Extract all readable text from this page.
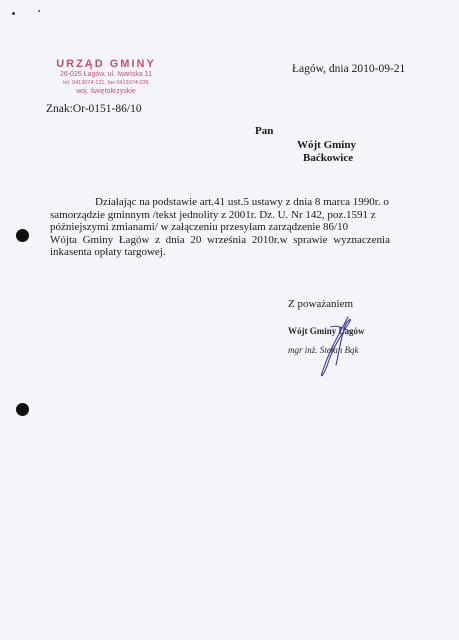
URZĄD GMINY
26-025 Łagów, ul. Iwańska 11
tel. 0413074-121, fax 0413074-236
woj. świętokrzyskie
Łagów, dnia 2010-09-21
Znak:Or-0151-86/10
Pan
Wójt Gminy
Baćkowice

Działając na podstawie art.41 ust.5 ustawy z dnia 8 marca 1990r. o samorządzie gminnym /tekst jednolity z 2001r. Dz. U. Nr 142, poz.1591 z późniejszymi zmianami/ w załączeniu przesyłam zarządzenie 86/10

Wójta Gminy Łagów z dnia 20 września 2010r.w sprawie wyznaczenia inkasenta opłaty targowej.

Z poważaniem
Wójt Gminy Łagów
mgr inż. Stefan Bąk
